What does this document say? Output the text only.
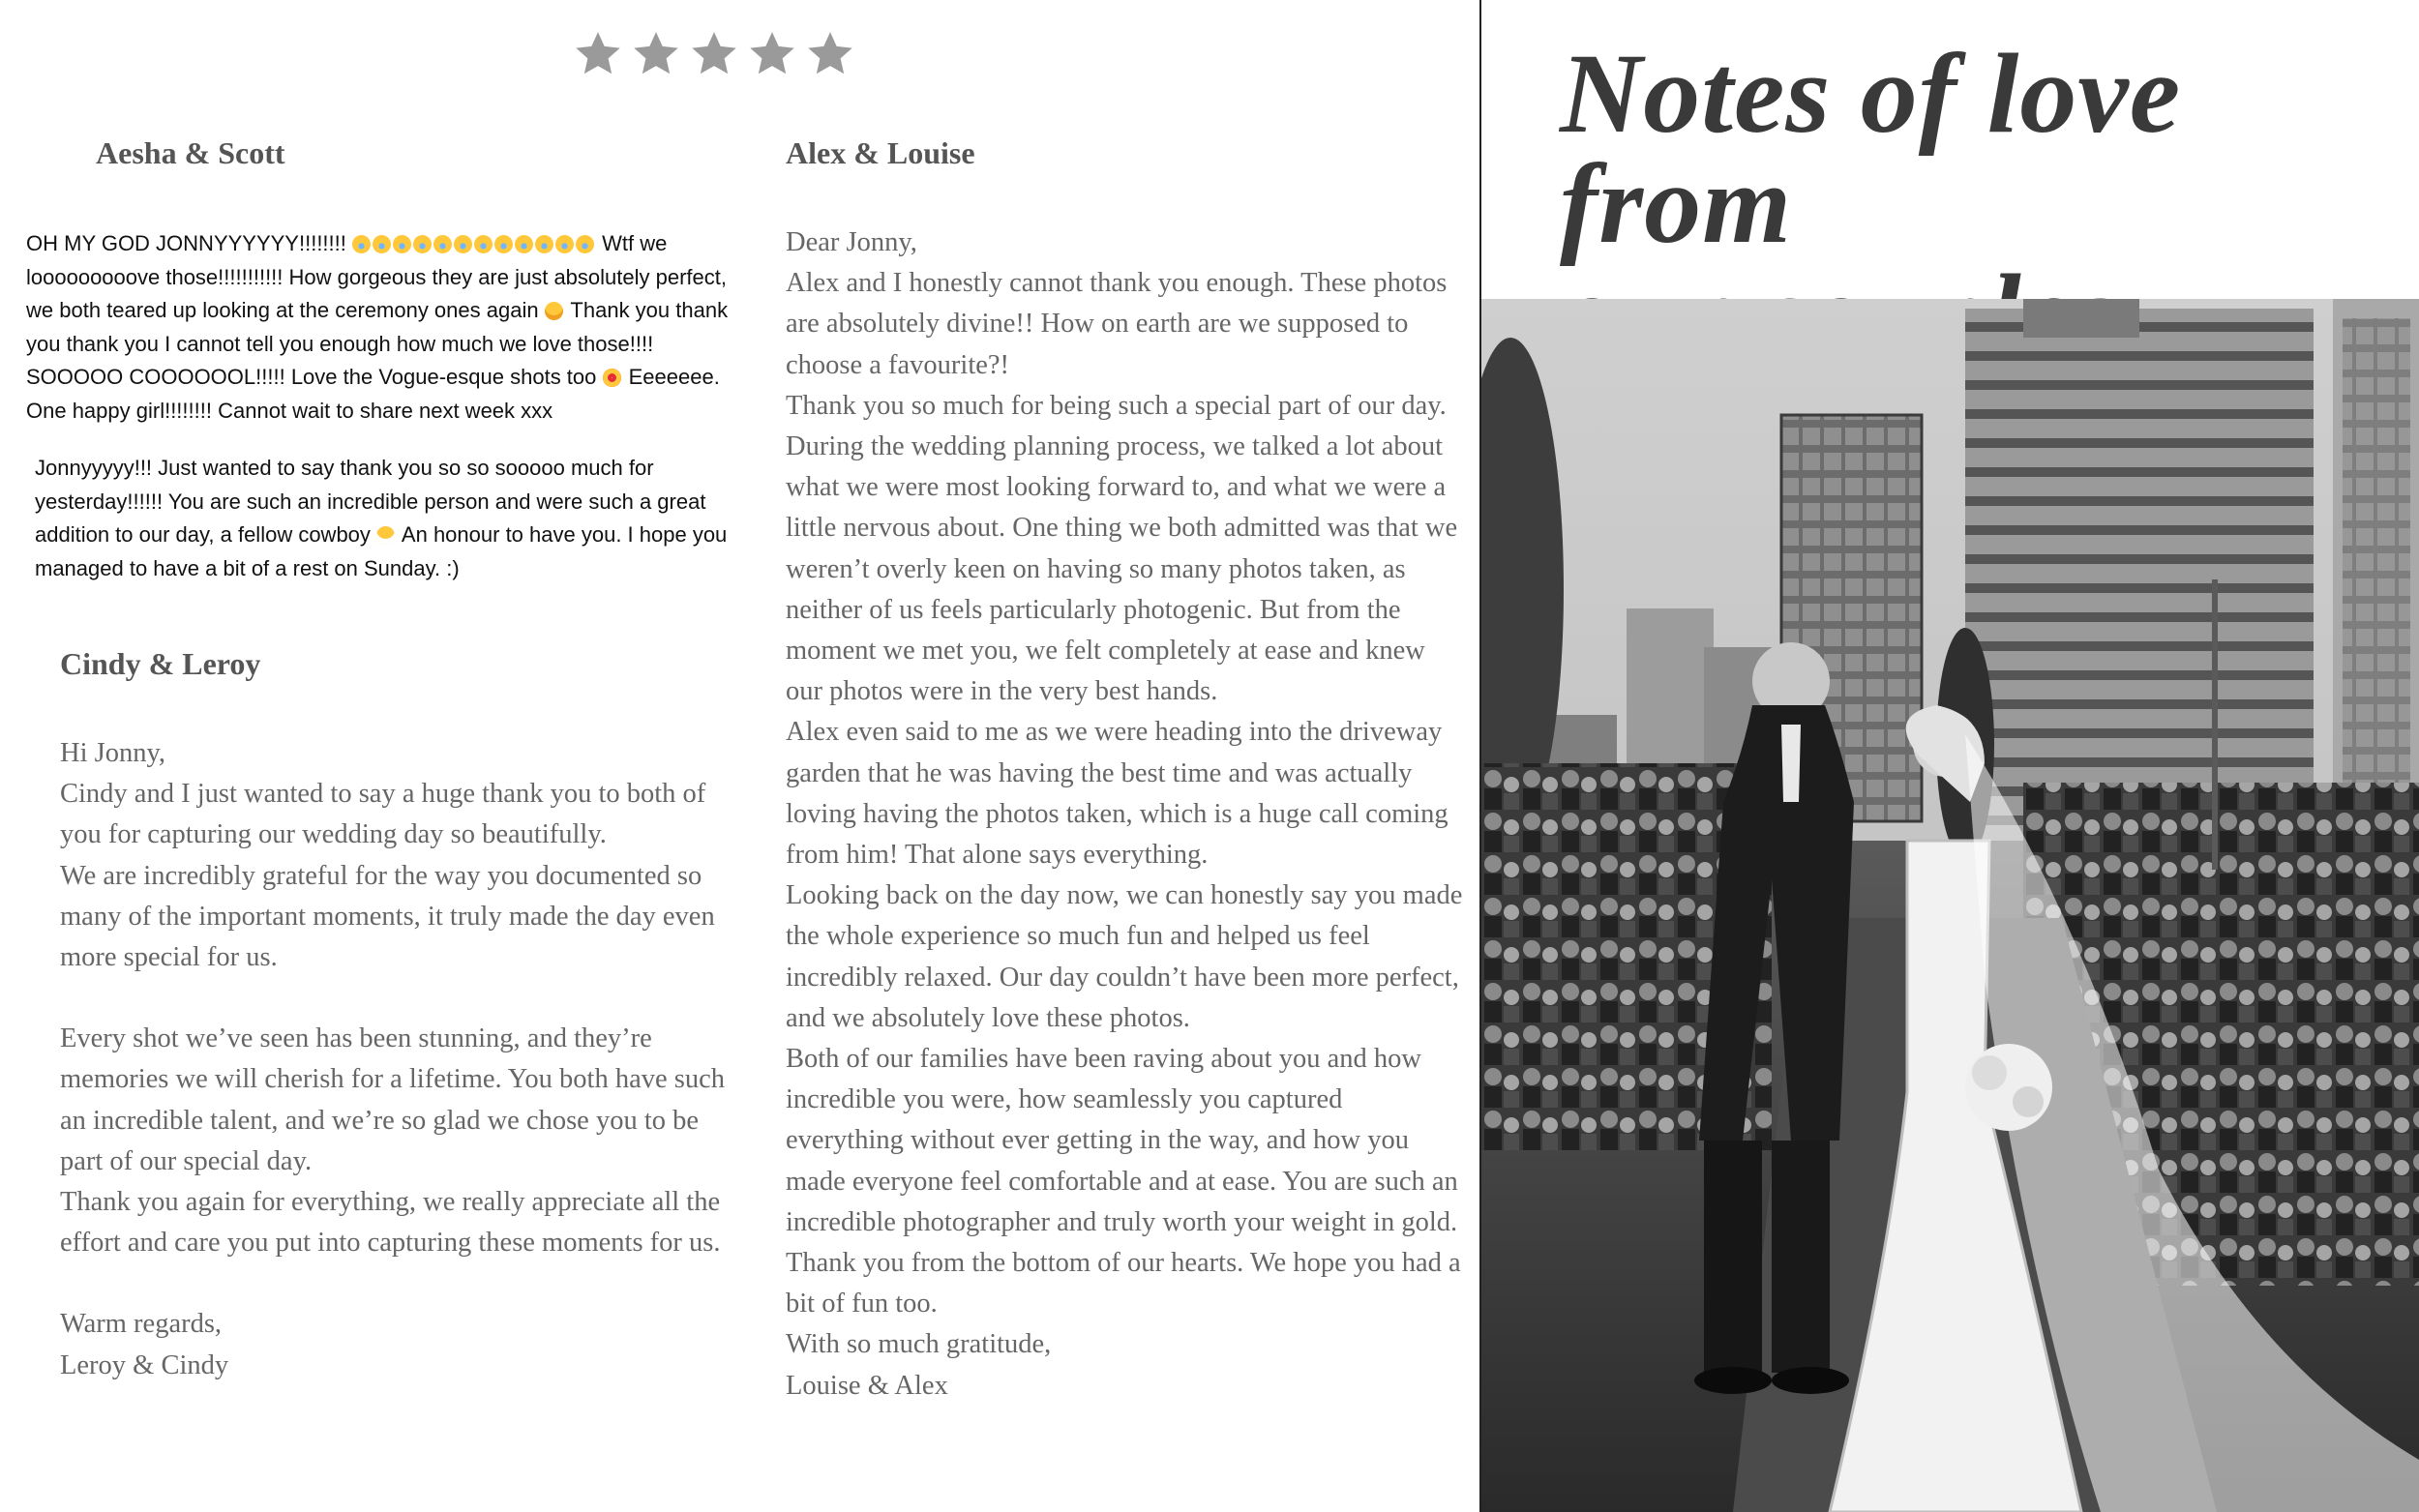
Aesha & Scott
OH MY GOD JONNYYYYYY!!!!!!!!	Wtf we looooooooove those!!!!!!!!!!! How gorgeous they are just absolutely perfect, we both teared up looking at the ceremony ones again  Thank you thank you thank you I cannot tell you enough how much we love those!!!! SOOOOO COOOOOOL!!!!! Love the Vogue-esque shots too  Eeeeeee. One happy girl!!!!!!!! Cannot wait to share next week xxx
Jonnyyyyy!!! Just wanted to say thank you so so sooooo much for yesterday!!!!!! You are such an incredible person and were such a great addition to our day, a fellow cowboy  An honour to have you. I hope you managed to have a bit of a rest on Sunday. :)
Cindy & Leroy

Hi Jonny,

Cindy and I just wanted to say a huge thank you to both of you for capturing our wedding day so beautifully.

We are incredibly grateful for the way you documented so many of the important moments, it truly made the day even more special for us.

Every shot we’ve seen has been stunning, and they’re memories we will cherish for a lifetime. You both have such an incredible talent, and we’re so glad we chose you to be part of our special day.

Thank you again for everything, we really appreciate all the effort and care you put into capturing these moments for us.

Warm regards,

Leroy & Cindy

Alex & Louise

Dear Jonny,

Alex and I honestly cannot thank you enough. These photos are absolutely divine!! How on earth are we supposed to choose a favourite?!

Thank you so much for being such a special part of our day. During the wedding planning process, we talked a lot about what we were most looking forward to, and what we were a little nervous about. One thing we both admitted was that we weren’t overly keen on having so many photos taken, as neither of us feels particularly photogenic. But from the moment we met you, we felt completely at ease and knew our photos were in the very best hands.

Alex even said to me as we were heading into the driveway garden that he was having the best time and was actually loving having the photos taken, which is a huge call coming from him! That alone says everything.

Looking back on the day now, we can honestly say you made the whole experience so much fun and helped us feel incredibly relaxed. Our day couldn’t have been more perfect, and we absolutely love these photos.

Both of our families have been raving about you and how incredible you were, how seamlessly you captured everything without ever getting in the way, and how you made everyone feel comfortable and at ease. You are such an incredible photographer and truly worth your weight in gold.

Thank you from the bottom of our hearts. We hope you had a bit of fun too.

With so much gratitude,

Louise & Alex

Notes of love from
